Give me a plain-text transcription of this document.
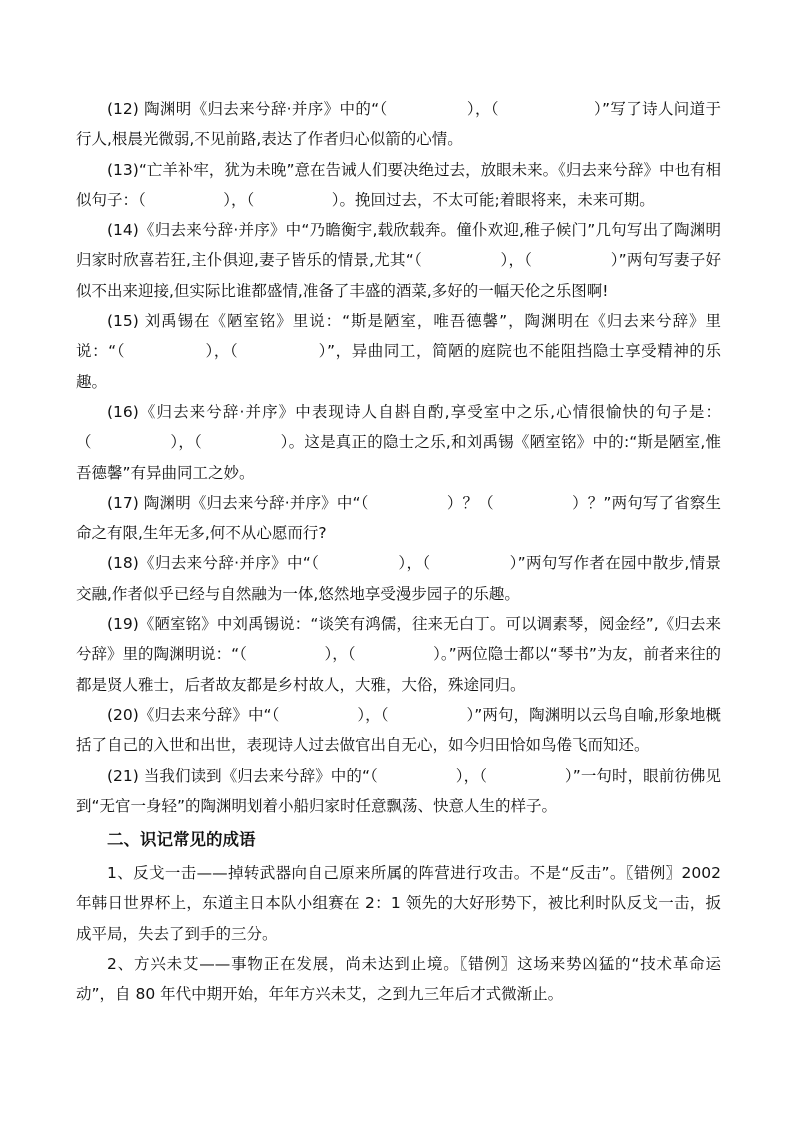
(12) 陶渊明《归去来兮辞·并序》中的“（　　　　　），（　　　　　　）”写了诗人问道于行人,根晨光微弱,不见前路,表达了作者归心似箭的心情。

(13)“亡羊补牢，犹为未晚”意在告诫人们要决绝过去，放眼未来。《归去来兮辞》中也有相似句子：（　　　　　），（　　　　　）。挽回过去，不太可能;着眼将来，未来可期。

(14)《归去来兮辞·并序》中“乃瞻衡宇,载欣载奔。僮仆欢迎,稚子候门”几句写出了陶渊明归家时欣喜若狂,主仆俱迎,妻子皆乐的情景,尤其“（　　　　　），（　　　　　）”两句写妻子好似不出来迎接,但实际比谁都盛情,准备了丰盛的酒菜,多好的一幅天伦之乐图啊!

(15) 刘禹锡在《陋室铭》里说：“斯是陋室，唯吾德馨”，陶渊明在《归去来兮辞》里说：“（　　　　　），（　　　　　）”，异曲同工，简陋的庭院也不能阻挡隐士享受精神的乐趣。

(16)《归去来兮辞·并序》中表现诗人自斟自酌,享受室中之乐,心情很愉快的句子是：（　　　　　），（　　　　　）。这是真正的隐士之乐,和刘禹锡《陋室铭》中的:“斯是陋室,惟吾德馨”有异曲同工之妙。

(17) 陶渊明《归去来兮辞·并序》中“（　　　　　）？（　　　　　）？”两句写了省察生命之有限,生年无多,何不从心愿而行?

(18)《归去来兮辞·并序》中“（　　　　　），（　　　　　）”两句写作者在园中散步,情景交融,作者似乎已经与自然融为一体,悠然地享受漫步园子的乐趣。

(19)《陋室铭》中刘禹锡说：“谈笑有鸿儒，往来无白丁。可以调素琴，阅金经”,《归去来兮辞》里的陶渊明说：“（　　　　　），（　　　　　）。”两位隐士都以“琴书”为友，前者来往的都是贤人雅士，后者故友都是乡村故人，大雅，大俗，殊途同归。

(20)《归去来兮辞》中“（　　　　　），（　　　　　）”两句，陶渊明以云鸟自喻,形象地概括了自己的入世和出世，表现诗人过去做官出自无心，如今归田恰如鸟倦飞而知还。

(21) 当我们读到《归去来兮辞》中的“（　　　　　），（　　　　　）”一句时，眼前彷佛见到“无官一身轻”的陶渊明划着小船归家时任意飘荡、快意人生的样子。

二、识记常见的成语

1、反戈一击——掉转武器向自己原来所属的阵营进行攻击。不是“反击”。〖错例〗2002年韩日世界杯上，东道主日本队小组赛在 2：1 领先的大好形势下，被比利时队反戈一击，扳成平局，失去了到手的三分。

2、方兴未艾——事物正在发展，尚未达到止境。〖错例〗这场来势凶猛的“技术革命运动”，自 80 年代中期开始，年年方兴未艾，之到九三年后才式微渐止。
